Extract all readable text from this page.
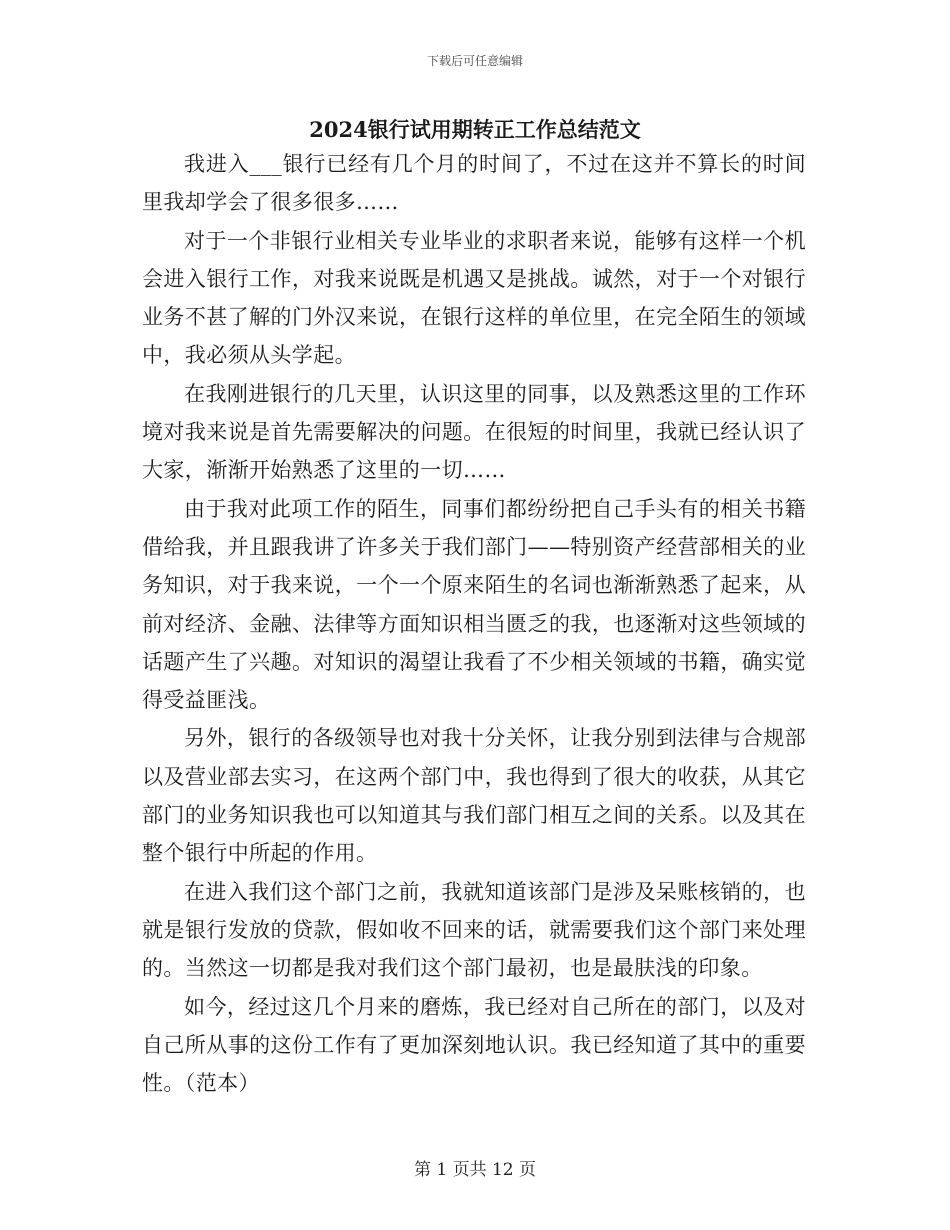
下载后可任意编辑
2024银行试用期转正工作总结范文

我进入___银行已经有几个月的时间了，不过在这并不算长的时间里我却学会了很多很多……

对于一个非银行业相关专业毕业的求职者来说，能够有这样一个机会进入银行工作，对我来说既是机遇又是挑战。诚然，对于一个对银行业务不甚了解的门外汉来说，在银行这样的单位里，在完全陌生的领域中，我必须从头学起。

在我刚进银行的几天里，认识这里的同事，以及熟悉这里的工作环境对我来说是首先需要解决的问题。在很短的时间里，我就已经认识了大家，渐渐开始熟悉了这里的一切……

由于我对此项工作的陌生，同事们都纷纷把自己手头有的相关书籍借给我，并且跟我讲了许多关于我们部门——特别资产经营部相关的业务知识，对于我来说，一个一个原来陌生的名词也渐渐熟悉了起来，从前对经济、金融、法律等方面知识相当匮乏的我，也逐渐对这些领域的话题产生了兴趣。对知识的渴望让我看了不少相关领域的书籍，确实觉得受益匪浅。

另外，银行的各级领导也对我十分关怀，让我分别到法律与合规部以及营业部去实习，在这两个部门中，我也得到了很大的收获，从其它部门的业务知识我也可以知道其与我们部门相互之间的关系。以及其在整个银行中所起的作用。

在进入我们这个部门之前，我就知道该部门是涉及呆账核销的，也就是银行发放的贷款，假如收不回来的话，就需要我们这个部门来处理的。当然这一切都是我对我们这个部门最初，也是最肤浅的印象。

如今，经过这几个月来的磨炼，我已经对自己所在的部门，以及对自己所从事的这份工作有了更加深刻地认识。我已经知道了其中的重要性。（范本）

第 1 页共 12 页
